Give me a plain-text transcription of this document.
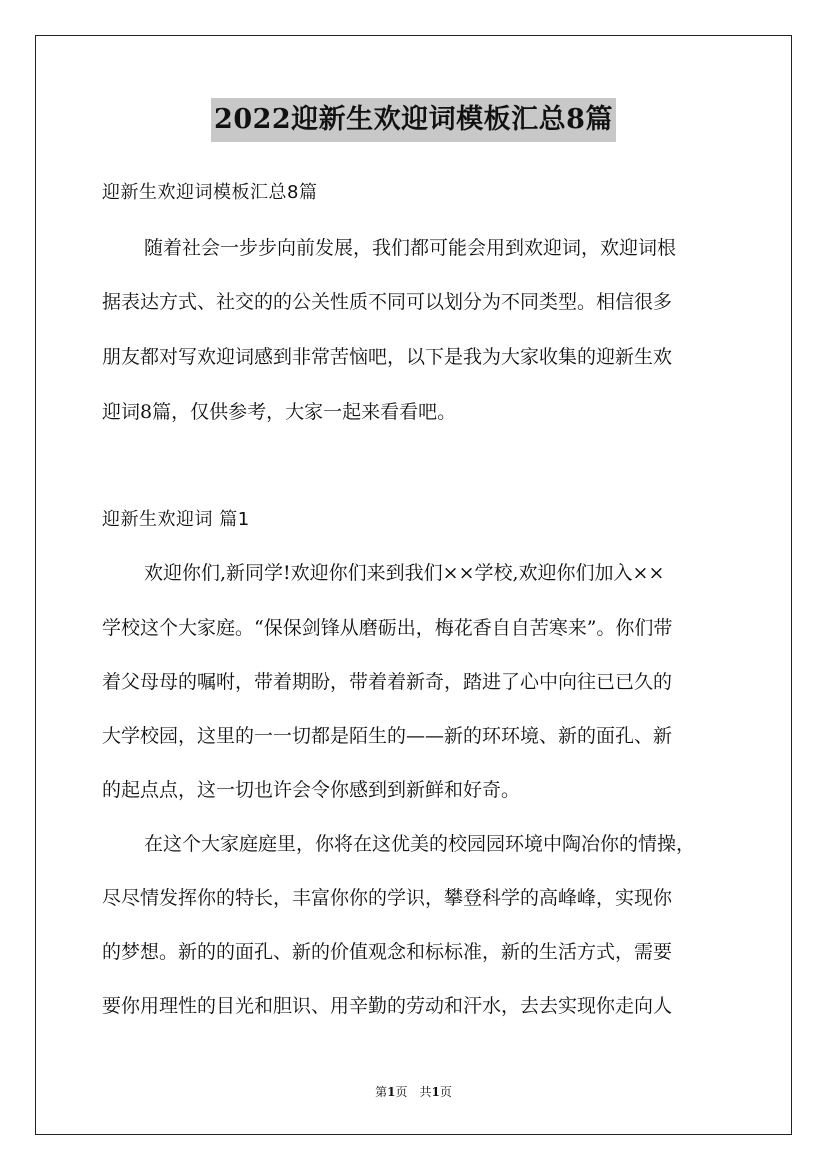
2022迎新生欢迎词模板汇总8篇
迎新生欢迎词模板汇总8篇
随着社会一步步向前发展，我们都可能会用到欢迎词，欢迎词根
据表达方式、社交的的公关性质不同可以划分为不同类型。相信很多
朋友都对写欢迎词感到非常苦恼吧，以下是我为大家收集的迎新生欢
迎词8篇，仅供参考，大家一起来看看吧。
迎新生欢迎词 篇1
欢迎你们,新同学!欢迎你们来到我们××学校,欢迎你们加入××
学校这个大家庭。“保保剑锋从磨砺出，梅花香自自苦寒来”。你们带
着父母母的嘱咐，带着期盼，带着着新奇，踏进了心中向往已已久的
大学校园，这里的一一切都是陌生的——新的环环境、新的面孔、新
的起点点，这一切也许会令你感到到新鲜和好奇。
在这个大家庭庭里，你将在这优美的校园园环境中陶冶你的情操，
尽尽情发挥你的特长，丰富你你的学识，攀登科学的高峰峰，实现你
的梦想。新的的面孔、新的价值观念和标标准，新的生活方式，需要
要你用理性的目光和胆识、用辛勤的劳动和汗水，去去实现你走向人
第1页　共1页
